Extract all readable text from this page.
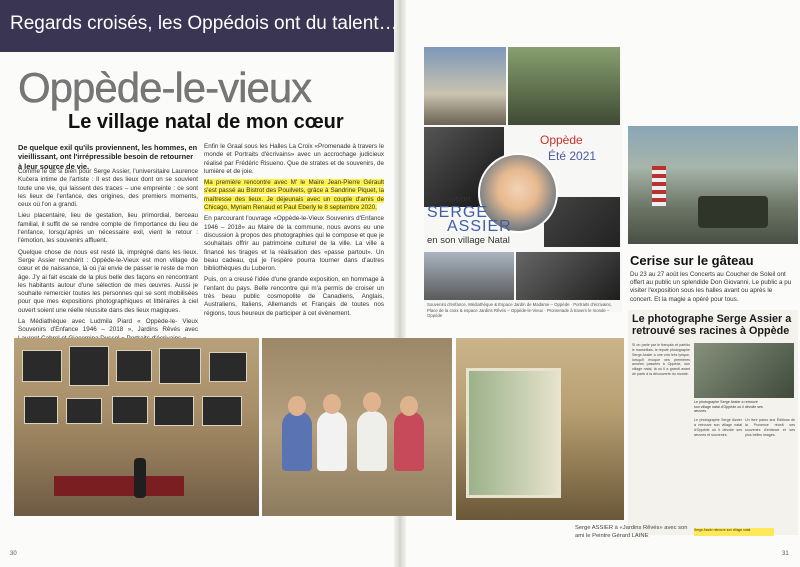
Regards croisés, les Oppédois ont du talent…
Oppède-le-vieux
Le village natal de mon cœur
De quelque exil qu'ils proviennent, les hommes, en vieillissant, ont l'irrépressible besoin de retourner à leur source de vie.

Comme le dit si bien pour Serge Assier, l'universitaire Laurence Kučera intime de l'artiste : Il est des lieux dont on se souvient toute une vie, qui laissent des traces – une empreinte : ce sont les lieux de l'enfance, des origines, des premiers moments, ceux où l'on a grandi.

Lieu placentaire, lieu de gestation, lieu primordial, berceau familial, il suffit de se rendre compte de l'importance du lieu de l'enfance, lorsqu'après un nécessaire exil, vient le retour : l'émotion, les souvenirs affluent.

Quelque chose de nous est resté là, imprégné dans les lieux. Serge Assier renchérit : Oppède-le-Vieux est mon village de cœur et de naissance, là où j'ai envie de passer le reste de mon âge. J'y ai fait escale de la plus belle des façons en rencontrant les habitants autour d'une sélection de mes œuvres. Aussi je souhaite remercier toutes les personnes qui se sont mobilisées pour que mes expositions photographiques et littéraires à ciel ouvert soient une réelle réussite dans des lieux magiques.

La Médiathèque avec Ludmila Piard « Oppède-le- Vieux Souvenirs d'Enfance 1946 – 2018 », Jardins Rêvés avec

Enfin le Graal sous les Halles La Croix «Promenade à travers le monde et Portraits d'écrivains» avec un accrochage judicieux réalisé par Frédéric Risueno. Que de strates et de souvenirs, de lumière et de joie.

Ma première rencontre avec M' le Maire Jean-Pierre Gérault s'est passé au Bistrot des Pouilvets, grâce à Sandrine Piquet, la maîtresse des lieux. Je déjeunais avec un couple d'amis de Chicago, Myriam Renaud et Paul Eberly le 8 septembre 2020.

En parcourant l'ouvrage «Oppède-le-Vieux Souvenirs d'Enfance 1946 – 2018» au Maire de la commune, nous avons eu une discussion à propos des photographies qui le compose et que je souhaitais offrir au patrimoine culturel de la ville. La ville a financé les tirages et la réalisation des «passe partout». Un beau cadeau, qui je l'espère pourra tourner dans d'autres bibliothèques du Luberon.

Puis, on a creusé l'idée d'une grande exposition, en hommage à l'enfant du pays. Belle rencontre qui m'a permis de croiser un très beau public cosmopolite de Canadiens, Anglais, Australiens, Italiens, Allemands et Français de toutes nos régions, tous heureux de participer à cet évènement.

Oppède
Été 2021
Exposition
SERGE
ASSIER
en son village Natal
Souvenirs d'enfance, Médiathèque & Espace Jardin de Madame – Oppède · Portraits d'écrivains, Place de la croix & espace Jardins Rêvés – Oppède-le-Vieux · Promenade à travers le monde – Oppède
Cerise sur le gâteau
Du 23 au 27 août les Concerts au Coucher de Soleil ont offert au public un splendide Don Giovanni. Le public a pu visiter l'exposition sous les halles avant ou après le concert. Et la magie a opéré pour tous.
Le photographe Serge Assier a retrouvé ses racines à Oppède
Si on parle par le français et parfois le marseillais, le réputé photographe Serge Assier a une voix très lyrique, lorsqu'il évoque ses premières années passées à Oppède, son village natal, là où il a grandi avant de partir à la découverte du monde.
Le photographe Serge Assier a retrouvé son village natal d'Oppède où il dévoile ses œuvres
Le photographe Serge Assier a retrouvé son village natal d'Oppède où il dévoile ses œuvres et souvenirs.
Un livre parus aux Éditions de la Provence réunit ses souvenirs d'enfance et ses plus belles images.
Serge Assier retrouve son village natal
Serge ASSIER à «Jardins Rêvés» avec son ami le Peintre Gérard LAINE
30	31
